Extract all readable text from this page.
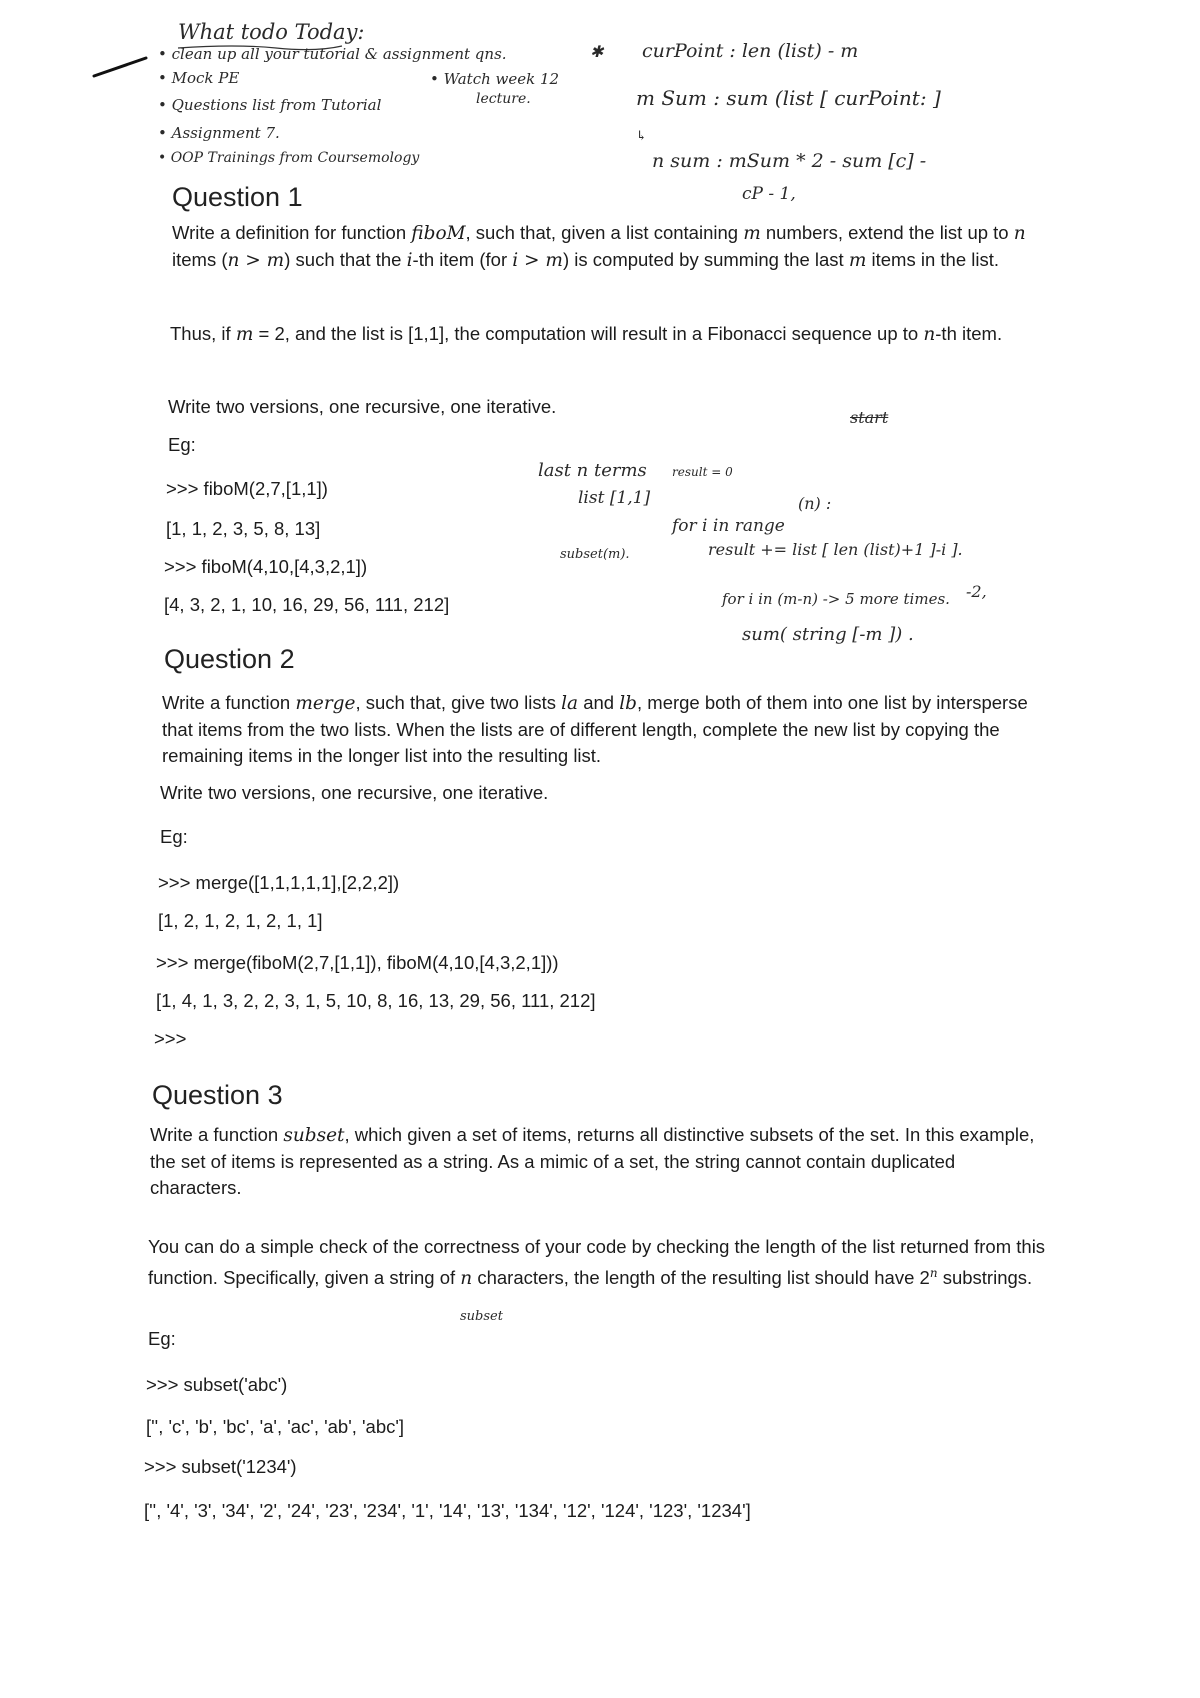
What todo Today:
• clean up all your tutorial & assignment qns.
• Mock PE	• Watch week 12
lecture.
• Questions list from Tutorial
• Assignment 7.
• OOP Trainings from Coursemology
✱ curPoint : len (list) - m
m Sum : sum (list [ curPoint: ]
↳
n sum : mSum * 2 - sum [c] -
cP - 1,
Question 1

Write a definition for function fiboM, such that, given a list containing m numbers, extend the list up to n items (n > m) such that the i-th item (for i > m) is computed by summing the last m items in the list.

Thus, if m = 2, and the list is [1,1], the computation will result in a Fibonacci sequence up to n-th item.

Write two versions, one recursive, one iterative.
Eg:
>>> fiboM(2,7,[1,1])
[1, 1, 2, 3, 5, 8, 13]
>>> fiboM(4,10,[4,3,2,1])
[4, 3, 2, 1, 10, 16, 29, 56, 111, 212]
start
last n terms result = 0
list [1,1]	(n) :
for i in range
subset(m).	result += list [ len (list)+1 ]-i ].
for i in (m-n) -> 5 more times. -2,
sum( string [-m ]) .
Question 2

Write a function merge, such that, give two lists la and lb, merge both of them into one list by intersperse that items from the two lists. When the lists are of different length, complete the new list by copying the remaining items in the longer list into the resulting list.

Write two versions, one recursive, one iterative.
Eg:
>>> merge([1,1,1,1,1],[2,2,2])
[1, 2, 1, 2, 1, 2, 1, 1]
>>> merge(fiboM(2,7,[1,1]), fiboM(4,10,[4,3,2,1]))
[1, 4, 1, 3, 2, 2, 3, 1, 5, 10, 8, 16, 13, 29, 56, 111, 212]
>>>
Question 3

Write a function subset, which given a set of items, returns all distinctive subsets of the set. In this example, the set of items is represented as a string. As a mimic of a set, the string cannot contain duplicated characters.

You can do a simple check of the correctness of your code by checking the length of the list returned from this function. Specifically, given a string of n characters, the length of the resulting list should have 2$^n$ substrings.

subset
Eg:
>>> subset('abc')
['', 'c', 'b', 'bc', 'a', 'ac', 'ab', 'abc']
>>> subset('1234')
['', '4', '3', '34', '2', '24', '23', '234', '1', '14', '13', '134', '12', '124', '123', '1234']
